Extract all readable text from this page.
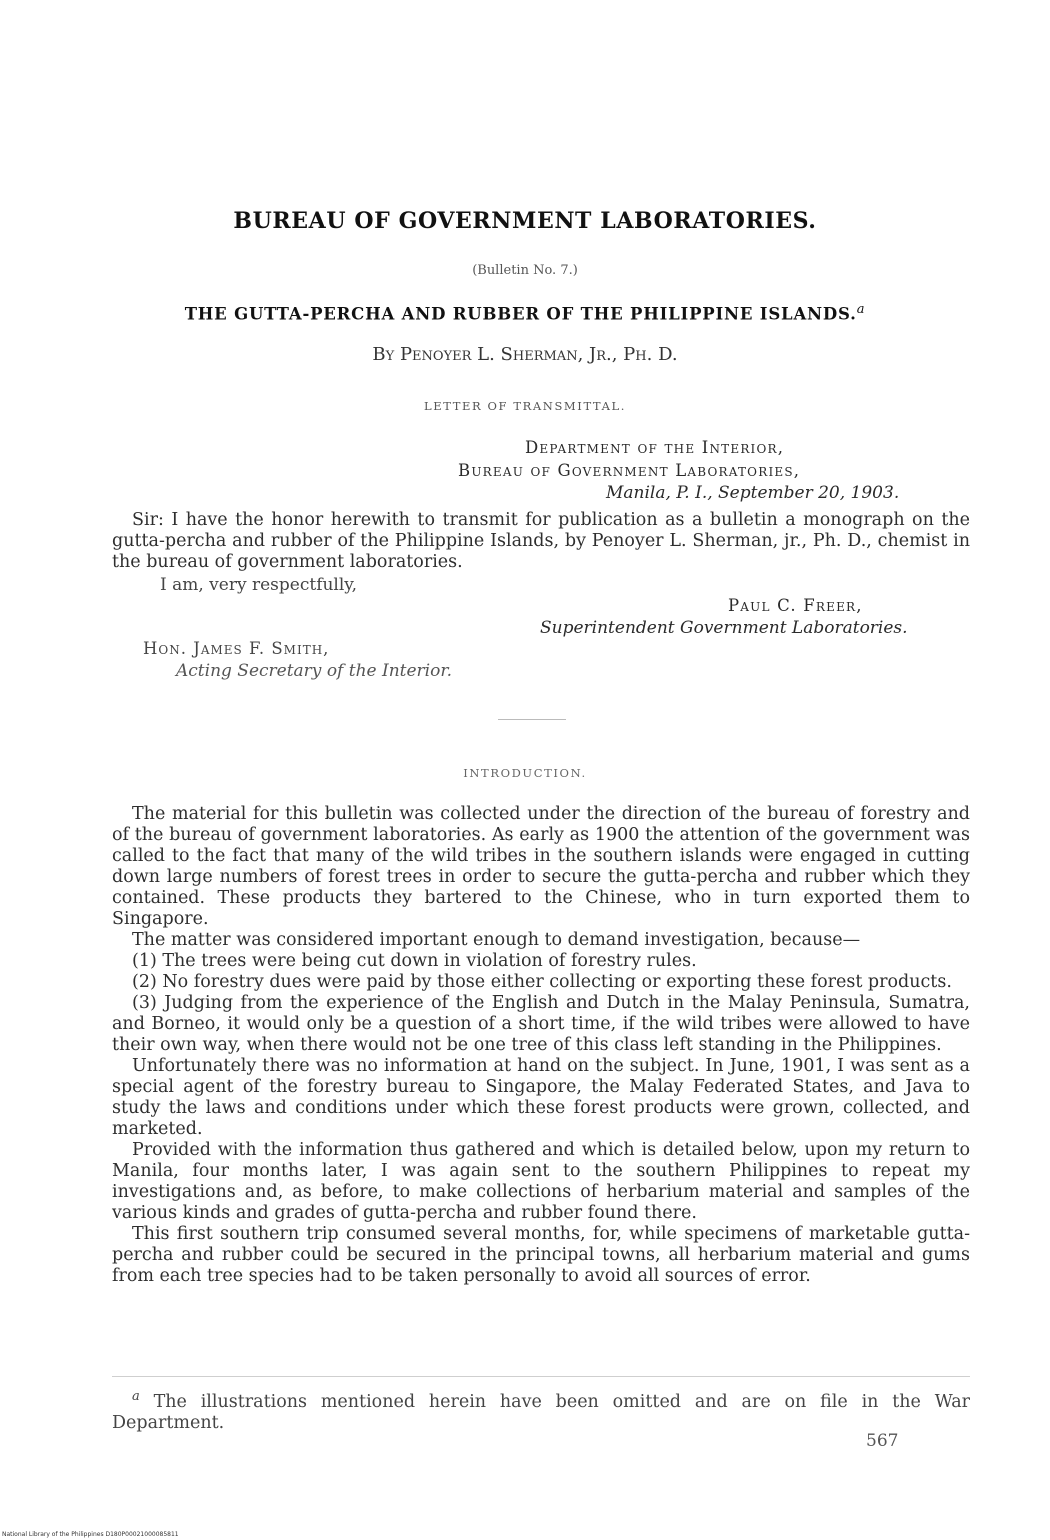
BUREAU OF GOVERNMENT LABORATORIES.
(Bulletin No. 7.)
THE GUTTA-PERCHA AND RUBBER OF THE PHILIPPINE ISLANDS.$^a$
By Penoyer L. Sherman, Jr., Ph. D.
LETTER OF TRANSMITTAL.
Department of the Interior,
Bureau of Government Laboratories,
Manila, P. I., September 20, 1903.
Sir: I have the honor herewith to transmit for publication as a bulletin a monograph on the gutta-percha and rubber of the Philippine Islands, by Penoyer L. Sherman, jr., Ph. D., chemist in the bureau of government laboratories.
I am, very respectfully,
Paul C. Freer,
Superintendent Government Laboratories.
Hon. James F. Smith,
Acting Secretary of the Interior.
INTRODUCTION.

The material for this bulletin was collected under the direction of the bureau of forestry and of the bureau of government laboratories. As early as 1900 the attention of the government was called to the fact that many of the wild tribes in the southern islands were engaged in cutting down large numbers of forest trees in order to secure the gutta-percha and rubber which they contained. These products they bartered to the Chinese, who in turn exported them to Singapore.

The matter was considered important enough to demand investigation, because—

(1) The trees were being cut down in violation of forestry rules.

(2) No forestry dues were paid by those either collecting or exporting these forest products.

(3) Judging from the experience of the English and Dutch in the Malay Peninsula, Sumatra, and Borneo, it would only be a question of a short time, if the wild tribes were allowed to have their own way, when there would not be one tree of this class left standing in the Philippines.

Unfortunately there was no information at hand on the subject. In June, 1901, I was sent as a special agent of the forestry bureau to Singapore, the Malay Federated States, and Java to study the laws and conditions under which these forest products were grown, collected, and marketed.

Provided with the information thus gathered and which is detailed below, upon my return to Manila, four months later, I was again sent to the southern Philippines to repeat my investigations and, as before, to make collections of herbarium material and samples of the various kinds and grades of gutta-percha and rubber found there.

This first southern trip consumed several months, for, while specimens of marketable gutta-percha and rubber could be secured in the principal towns, all herbarium material and gums from each tree species had to be taken personally to avoid all sources of error.

$^a$ The illustrations mentioned herein have been omitted and are on file in the War Department.
567
National Library of the Philippines D180P00021000085811
